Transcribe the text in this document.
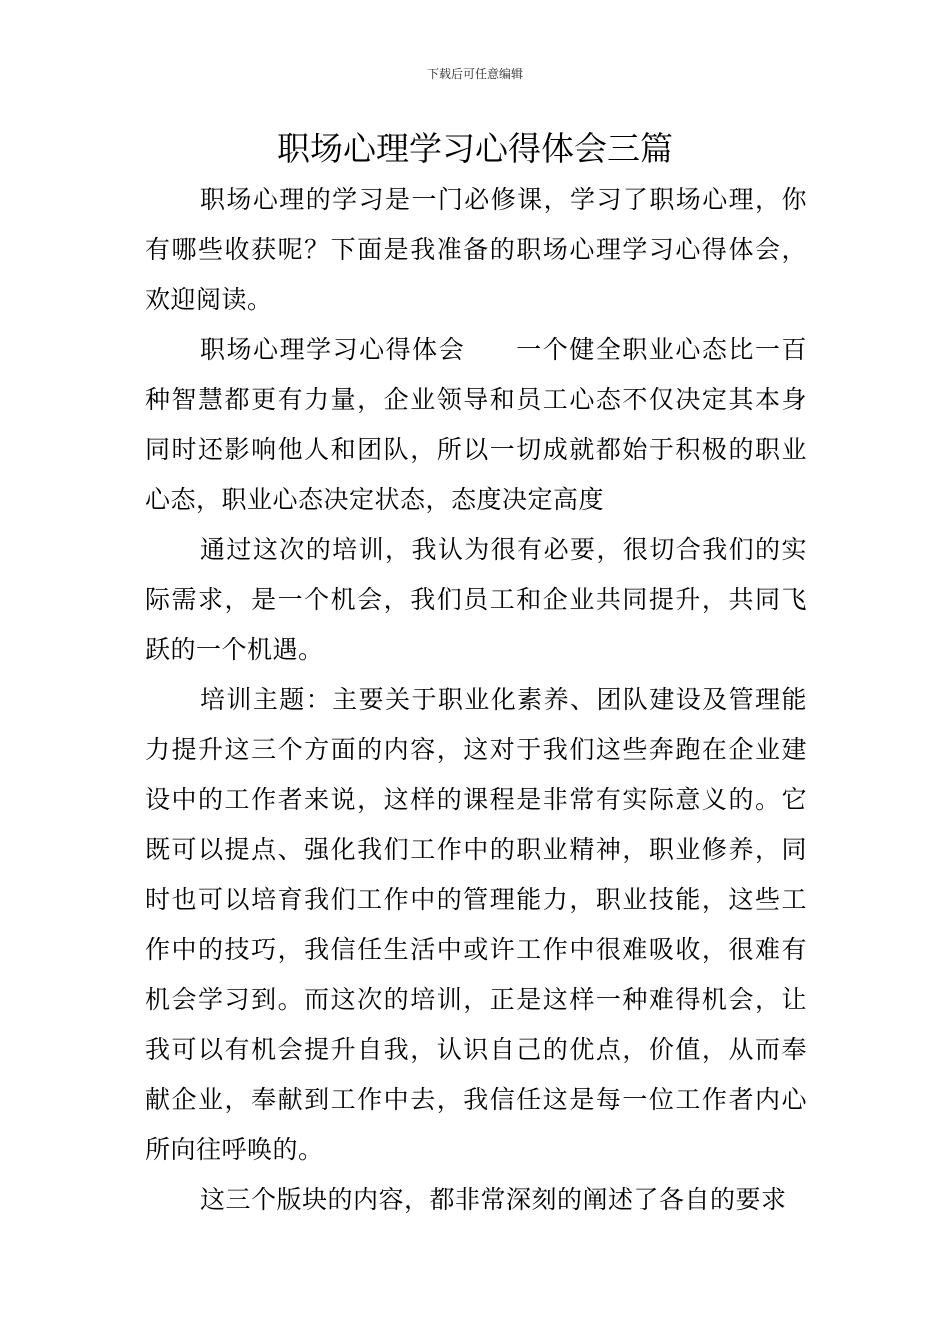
下载后可任意编辑
职场心理学习心得体会三篇

职场心理的学习是一门必修课，学习了职场心理，你有哪些收获呢？下面是我准备的职场心理学习心得体会，欢迎阅读。

职场心理学习心得体会 一个健全职业心态比一百种智慧都更有力量，企业领导和员工心态不仅决定其本身同时还影响他人和团队，所以一切成就都始于积极的职业心态，职业心态决定状态，态度决定高度

通过这次的培训，我认为很有必要，很切合我们的实际需求，是一个机会，我们员工和企业共同提升，共同飞跃的一个机遇。

培训主题：主要关于职业化素养、团队建设及管理能力提升这三个方面的内容，这对于我们这些奔跑在企业建设中的工作者来说，这样的课程是非常有实际意义的。它既可以提点、强化我们工作中的职业精神，职业修养，同时也可以培育我们工作中的管理能力，职业技能，这些工作中的技巧，我信任生活中或许工作中很难吸收，很难有机会学习到。而这次的培训，正是这样一种难得机会，让我可以有机会提升自我，认识自己的优点，价值，从而奉献企业，奉献到工作中去，我信任这是每一位工作者内心所向往呼唤的。

这三个版块的内容，都非常深刻的阐述了各自的要求
